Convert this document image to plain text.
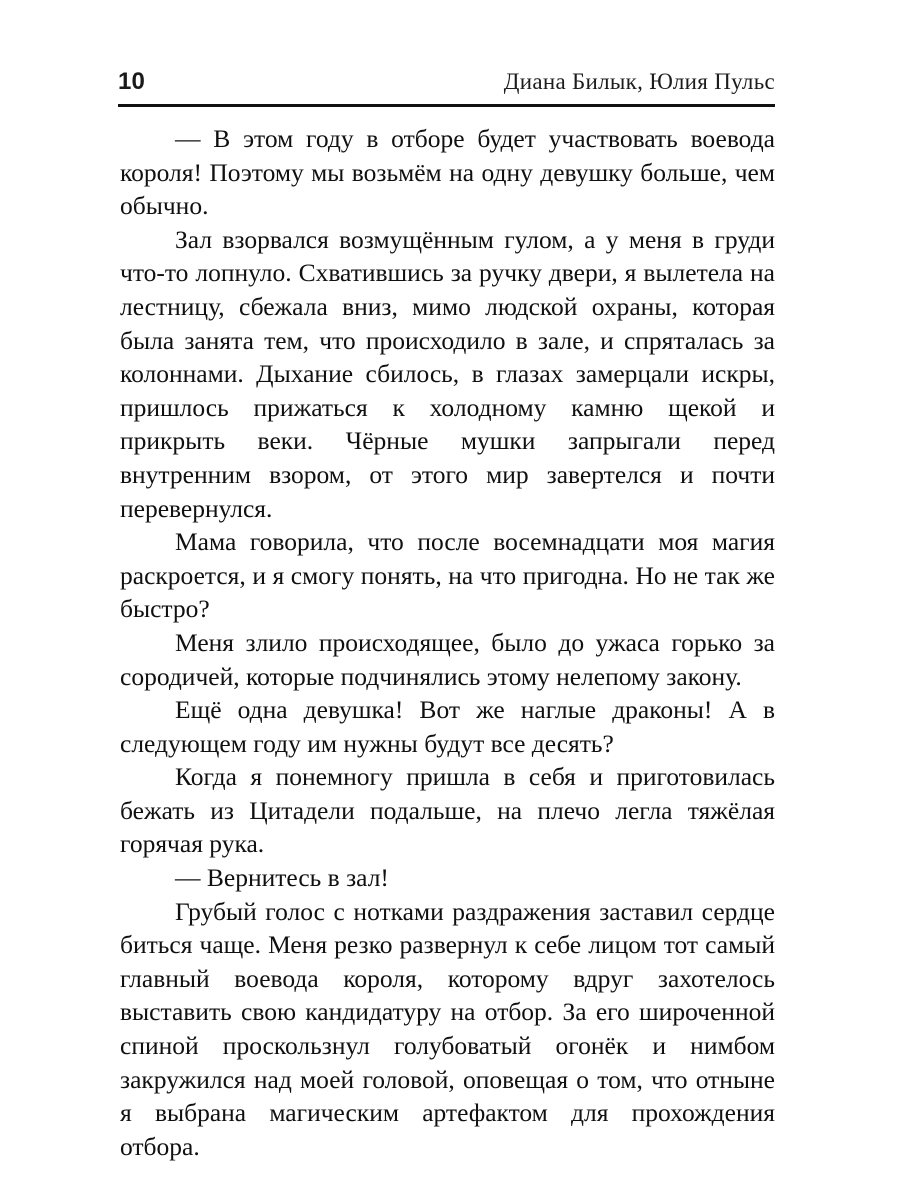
10	Диана Билык, Юлия Пульс

— В этом году в отборе будет участвовать воевода короля! Поэтому мы возьмём на одну девушку больше, чем обычно.

Зал взорвался возмущённым гулом, а у меня в груди что-то лопнуло. Схватившись за ручку двери, я вылетела на лестницу, сбежала вниз, мимо людской охраны, которая была занята тем, что происходило в зале, и спряталась за колоннами. Дыхание сбилось, в глазах замерцали искры, пришлось прижаться к холодному камню щекой и прикрыть веки. Чёрные мушки запрыгали перед внутренним взором, от этого мир завертелся и почти перевернулся.

Мама говорила, что после восемнадцати моя магия раскроется, и я смогу понять, на что пригодна. Но не так же быстро?

Меня злило происходящее, было до ужаса горько за сородичей, которые подчинялись этому нелепому закону.

Ещё одна девушка! Вот же наглые драконы! А в следующем году им нужны будут все десять?

Когда я понемногу пришла в себя и приготовилась бежать из Цитадели подальше, на плечо легла тяжёлая горячая рука.

— Вернитесь в зал!

Грубый голос с нотками раздражения заставил сердце биться чаще. Меня резко развернул к себе лицом тот самый главный воевода короля, которому вдруг захотелось выставить свою кандидатуру на отбор. За его широченной спиной проскользнул голубоватый огонёк и нимбом закружился над моей головой, оповещая о том, что отныне я выбрана магическим артефактом для прохождения отбора.
